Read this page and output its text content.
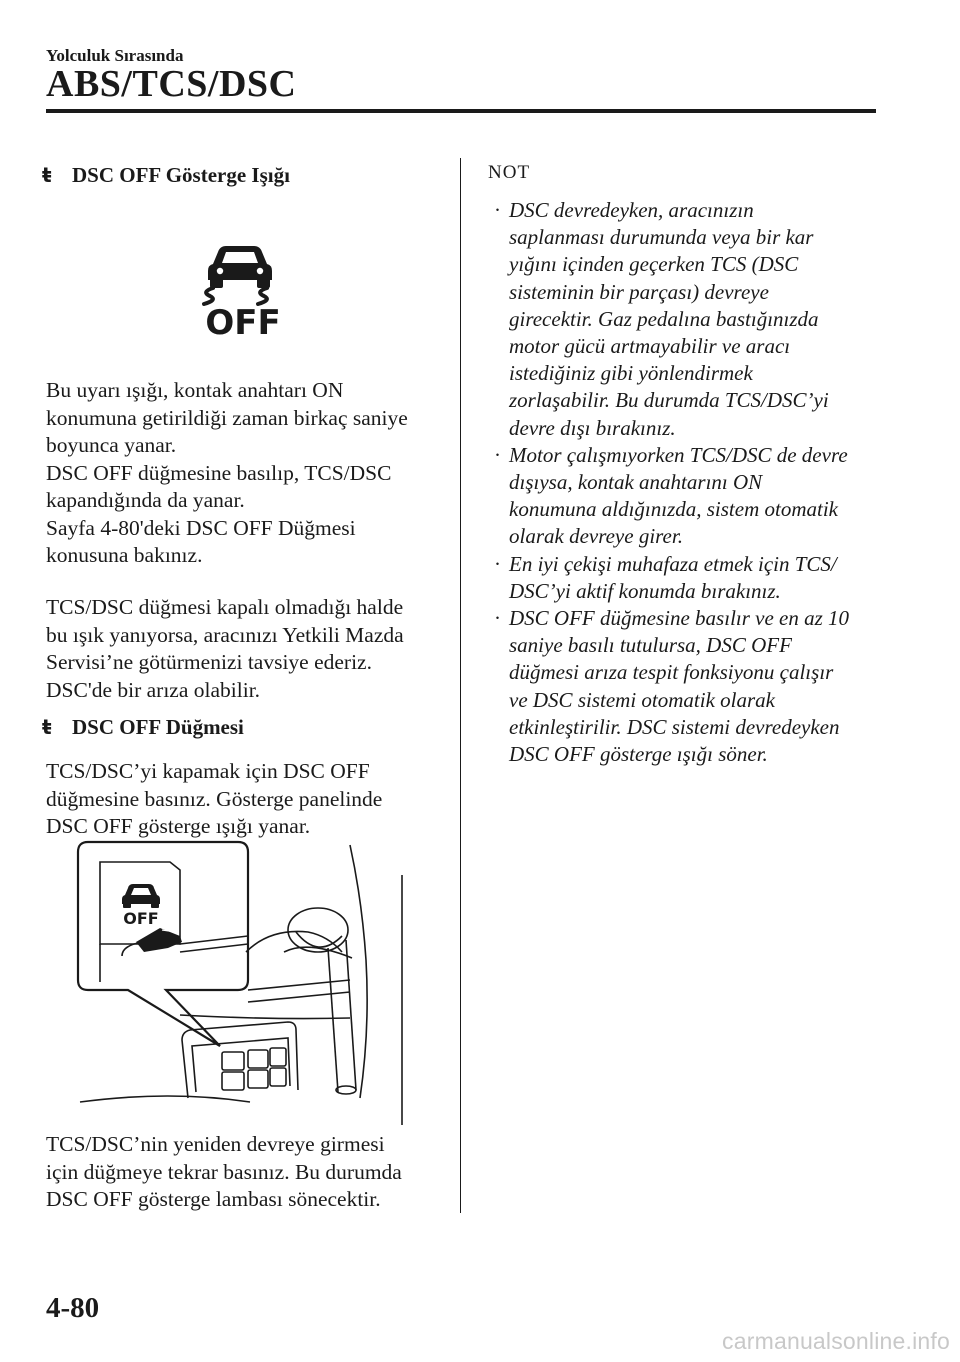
Yolculuk Sırasında
ABS/TCS/DSC
ŧ DSC OFF Gösterge Işığı
OFF

Bu uyarı ışığı, kontak anahtarı ON

konumuna getirildiği zaman birkaç saniye

boyunca yanar.

DSC OFF düğmesine basılıp, TCS/DSC

kapandığında da yanar.

Sayfa 4-80'deki DSC OFF Düğmesi

konusuna bakınız.

TCS/DSC düğmesi kapalı olmadığı halde

bu ışık yanıyorsa, aracınızı Yetkili Mazda

Servisi’ne götürmenizi tavsiye ederiz.

DSC'de bir arıza olabilir.

ŧ DSC OFF Düğmesi

TCS/DSC’yi kapamak için DSC OFF

düğmesine basınız. Gösterge panelinde

DSC OFF gösterge ışığı yanar.

OFF

TCS/DSC’nin yeniden devreye girmesi

için düğmeye tekrar basınız. Bu durumda

DSC OFF gösterge lambası sönecektir.

NOT
· DSC devredeyken, aracınızın
saplanması durumunda veya bir kar
yığını içinden geçerken TCS (DSC
sisteminin bir parçası) devreye
girecektir. Gaz pedalına bastığınızda
motor gücü artmayabilir ve aracı
istediğiniz gibi yönlendirmek
zorlaşabilir. Bu durumda TCS/DSC’yi
devre dışı bırakınız.
· Motor çalışmıyorken TCS/DSC de devre
dışıysa, kontak anahtarını ON
konumuna aldığınızda, sistem otomatik
olarak devreye girer.
· En iyi çekişi muhafaza etmek için TCS/
DSC’yi aktif konumda bırakınız.
· DSC OFF düğmesine basılır ve en az 10
saniye basılı tutulursa, DSC OFF
düğmesi arıza tespit fonksiyonu çalışır
ve DSC sistemi otomatik olarak
etkinleştirilir. DSC sistemi devredeyken
DSC OFF gösterge ışığı söner.
4-80
carmanualsonline.info
